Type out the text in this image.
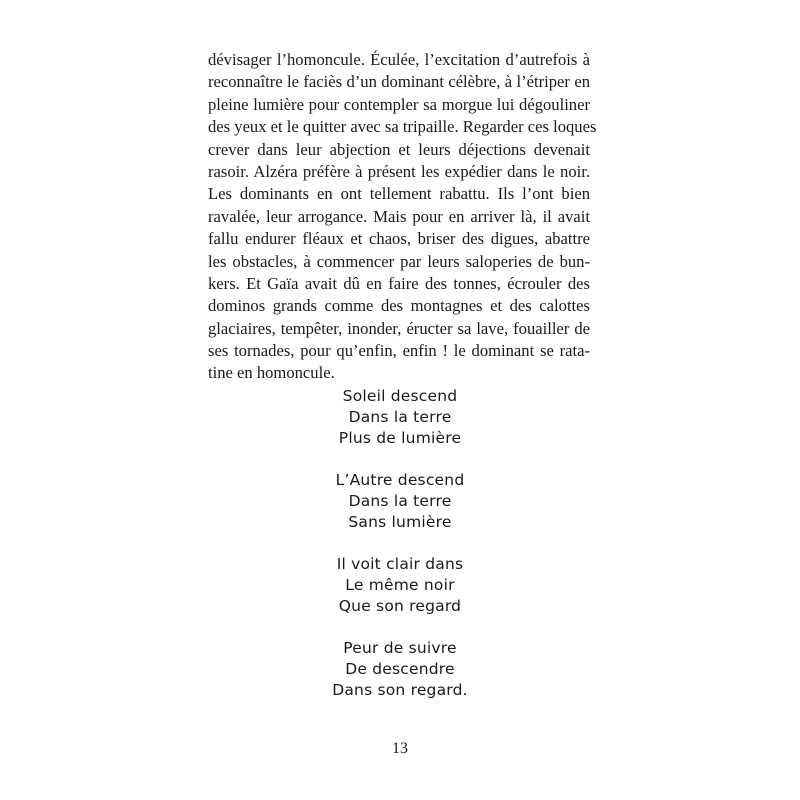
dévisager l’homoncule. Éculée, l’excitation d’autrefois à
reconnaître le faciès d’un dominant célèbre, à l’étriper en
pleine lumière pour contempler sa morgue lui dégouliner
des yeux et le quitter avec sa tripaille. Regarder ces loques
crever dans leur abjection et leurs déjections devenait
rasoir. Alzéra préfère à présent les expédier dans le noir.
Les dominants en ont tellement rabattu. Ils l’ont bien
ravalée, leur arrogance. Mais pour en arriver là, il avait
fallu endurer fléaux et chaos, briser des digues, abattre
les obstacles, à commencer par leurs saloperies de bun-
kers. Et Gaïa avait dû en faire des tonnes, écrouler des
dominos grands comme des montagnes et des calottes
glaciaires, tempêter, inonder, éructer sa lave, fouailler de
ses tornades, pour qu’enfin, enfin ! le dominant se rata-
tine en homoncule.
Soleil descend
Dans la terre
Plus de lumière
L’Autre descend
Dans la terre
Sans lumière
Il voit clair dans
Le même noir
Que son regard
Peur de suivre
De descendre
Dans son regard.
13
